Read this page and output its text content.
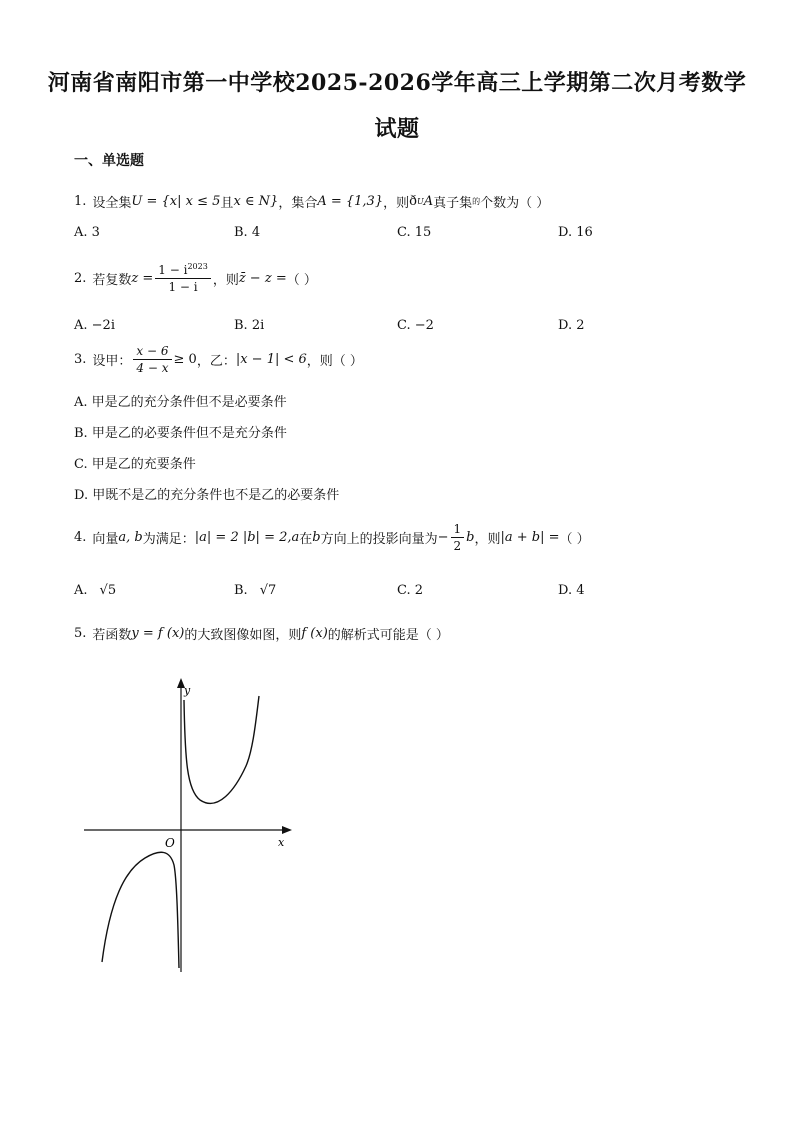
河南省南阳市第一中学校2025-2026学年高三上学期第二次月考数学
试题
一、单选题
1. 设全集 U = {x| x ≤ 5 且 x ∈ N} ，集合 A = {1,3} ，则 ð U A 真子集 的 个数为（ ）
A. 3	B. 4	C. 15	D. 16
2. 若复数 $z = \frac{1 - i^{2023}}{1 - i}$ ，则 z̄ − z = （ ）
A. −2i	B. 2i	C. −2	D. 2
3. 设甲： $\frac{x - 6}{4 - x} \ge 0$ ，乙： |x − 1| < 6 ，则（ ）
A. 甲是乙的充分条件但不是必要条件
B. 甲是乙的必要条件但不是充分条件
C. 甲是乙的充要条件
D. 甲既不是乙的充分条件也不是乙的必要条件
4. 向量 a, b 为满足： |a| = 2 |b| = 2, a 在 b 方向上的投影向量为 − $\frac{1}{2}$ b ，则 |a + b| = （ ）
A. √5	B. √7	C. 2	D. 4
5. 若函数 y = f (x) 的大致图像如图，则 f (x) 的解析式可能是（ ）
y
x
O
